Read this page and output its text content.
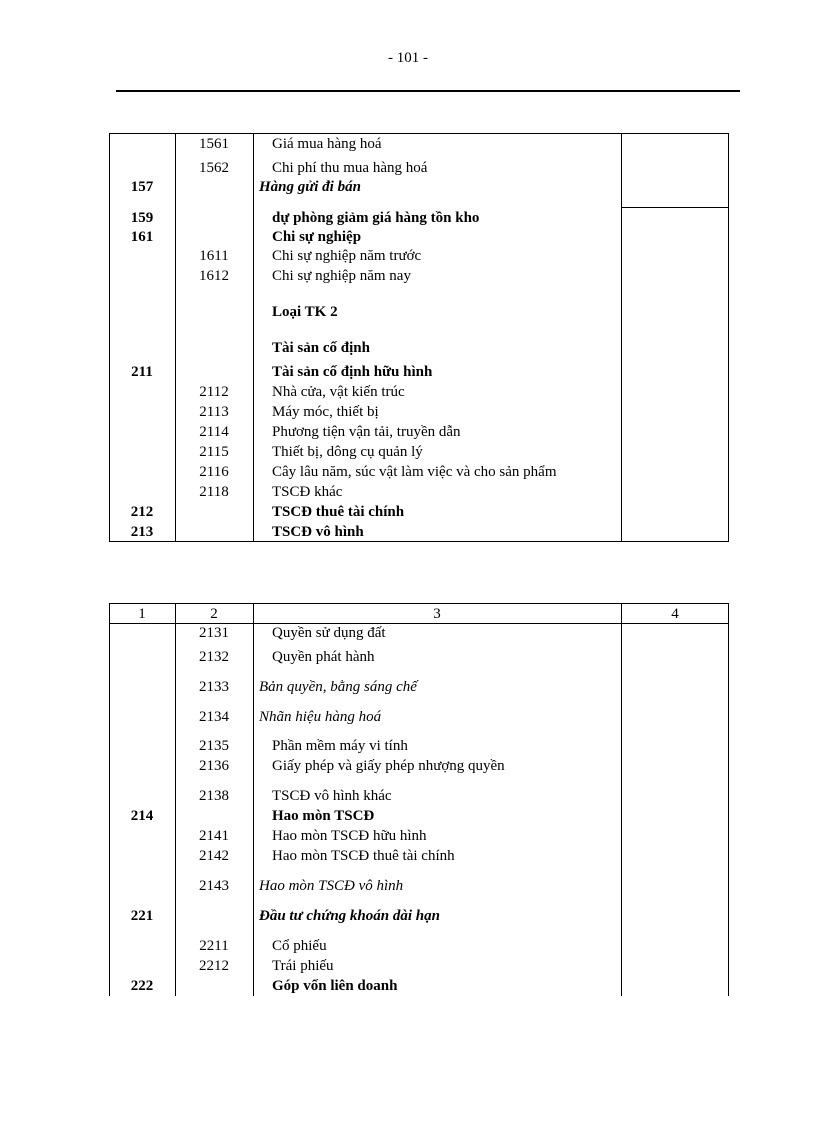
- 101 -
1561	Giá mua hàng hoá
1562	Chi phí thu mua hàng hoá
157	Hàng gửi đi bán
159	dự phòng giảm giá hàng tồn kho
161	Chi sự nghiệp
1611	Chi sự nghiệp năm trước
1612	Chi sự nghiệp năm nay
Loại TK 2
Tài sản cố định
211	Tài sản cố định hữu hình
2112	Nhà cửa, vật kiến trúc
2113	Máy móc, thiết bị
2114	Phương tiện vận tải, truyền dẫn
2115	Thiết bị, dông cụ quản lý
2116	Cây lâu năm, súc vật làm việc và cho sản phẩm
2118	TSCĐ khác
212	TSCĐ thuê tài chính
213	TSCĐ vô hình
1	2	3	4
2131	Quyền sử dụng đất
2132	Quyền phát hành
2133	Bản quyền, bằng sáng chế
2134	Nhãn hiệu hàng hoá
2135	Phần mềm máy vi tính
2136	Giấy phép và giấy phép nhượng quyền
2138	TSCĐ vô hình khác
214	Hao mòn TSCĐ
2141	Hao mòn TSCĐ hữu hình
2142	Hao mòn TSCĐ thuê tài chính
2143	Hao mòn TSCĐ vô hình
221	Đầu tư chứng khoán dài hạn
2211	Cổ phiếu
2212	Trái phiếu
222	Góp vốn liên doanh
